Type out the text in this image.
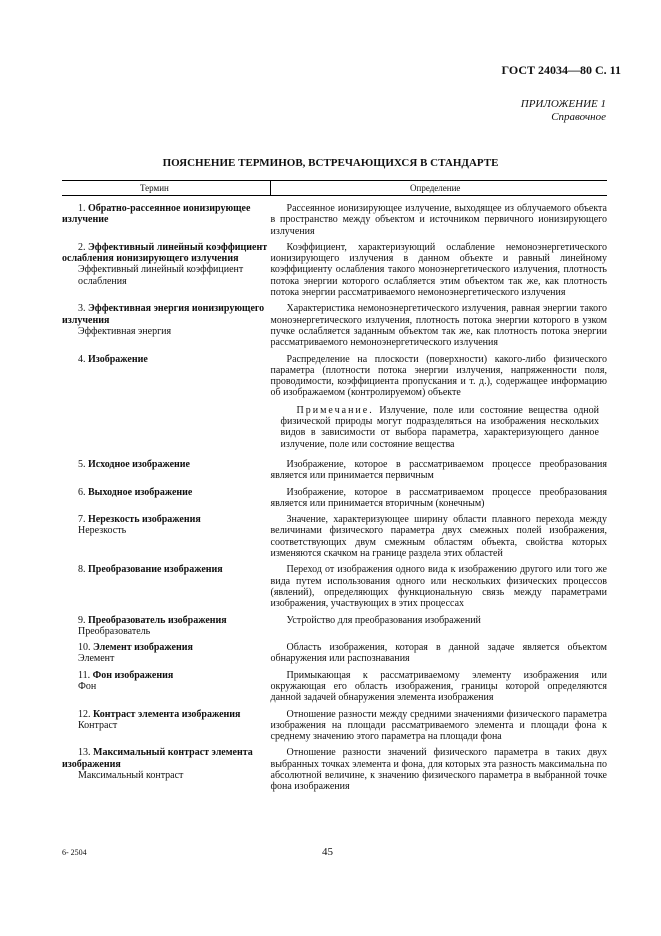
ГОСТ 24034—80 С. 11
ПРИЛОЖЕНИЕ 1
Справочное
ПОЯСНЕНИЕ ТЕРМИНОВ, ВСТРЕЧАЮЩИХСЯ В СТАНДАРТЕ
Термин	Определение
1. Обратно-рассеянное ионизирующее излучение	Рассеянное ионизирующее излучение, выходящее из облучаемого объекта в пространство между объектом и источником первичного ионизирующего излучения

2. Эффективный линейный коэффициент ослабления ионизирующего излучения
Эффективный линейный коэффициент ослабления	Коэффициент, характеризующий ослабление немоноэнергетического ионизирующего излучения в данном объекте и равный линейному коэффициенту ослабления такого моноэнергетического излучения, плотность потока энергии которого ослабляется этим объектом так же, как плотность потока энергии рассматриваемого немоноэнергетического излучения

3. Эффективная энергия ионизирующего излучения
Эффективная энергия	Характеристика немоноэнергетического излучения, равная энергии такого моноэнергетического излучения, плотность потока энергии которого в узком пучке ослабляется заданным объектом так же, как плотность потока энергии рассматриваемого немоноэнергетического излучения

4. Изображение	Распределение на плоскости (поверхности) какого-либо физического параметра (плотности потока энергии излучения, напряженности поля, проводимости, коэффициента пропускания и т. д.), содержащее информацию об изображаемом (контролируемом) объекте
Примечание. Излучение, поле или состояние вещества одной физической природы могут подразделяться на изображения нескольких видов в зависимости от выбора параметра, характеризующего данное излучение, поле или состояние вещества

5. Исходное изображение	Изображение, которое в рассматриваемом процессе преобразования является или принимается первичным

6. Выходное изображение	Изображение, которое в рассматриваемом процессе преобразования является или принимается вторичным (конечным)

7. Нерезкость изображения
Нерезкость	Значение, характеризующее ширину области плавного перехода между величинами физического параметра двух смежных полей изображения, соответствующих двум смежным областям объекта, свойства которых изменяются скачком на границе раздела этих областей

8. Преобразование изображения	Переход от изображения одного вида к изображению другого или того же вида путем использования одного или нескольких физических процессов (явлений), определяющих функциональную связь между параметрами изображения, участвующих в этих процессах

9. Преобразователь изображения
Преобразователь	Устройство для преобразования изображений

10. Элемент изображения
Элемент	Область изображения, которая в данной задаче является объектом обнаружения или распознавания

11. Фон изображения
Фон	Примыкающая к рассматриваемому элементу изображения или окружающая его область изображения, границы которой определяются данной задачей обнаружения элемента изображения

12. Контраст элемента изображения
Контраст	Отношение разности между средними значениями физического параметра изображения на площади рассматриваемого элемента и площади фона к среднему значению этого параметра на площади фона

13. Максимальный контраст элемента изображения
Максимальный контраст	Отношение разности значений физического параметра в таких двух выбранных точках элемента и фона, для которых эта разность максимальна по абсолютной величине, к значению физического параметра в выбранной точке фона изображения
6- 2504	45
